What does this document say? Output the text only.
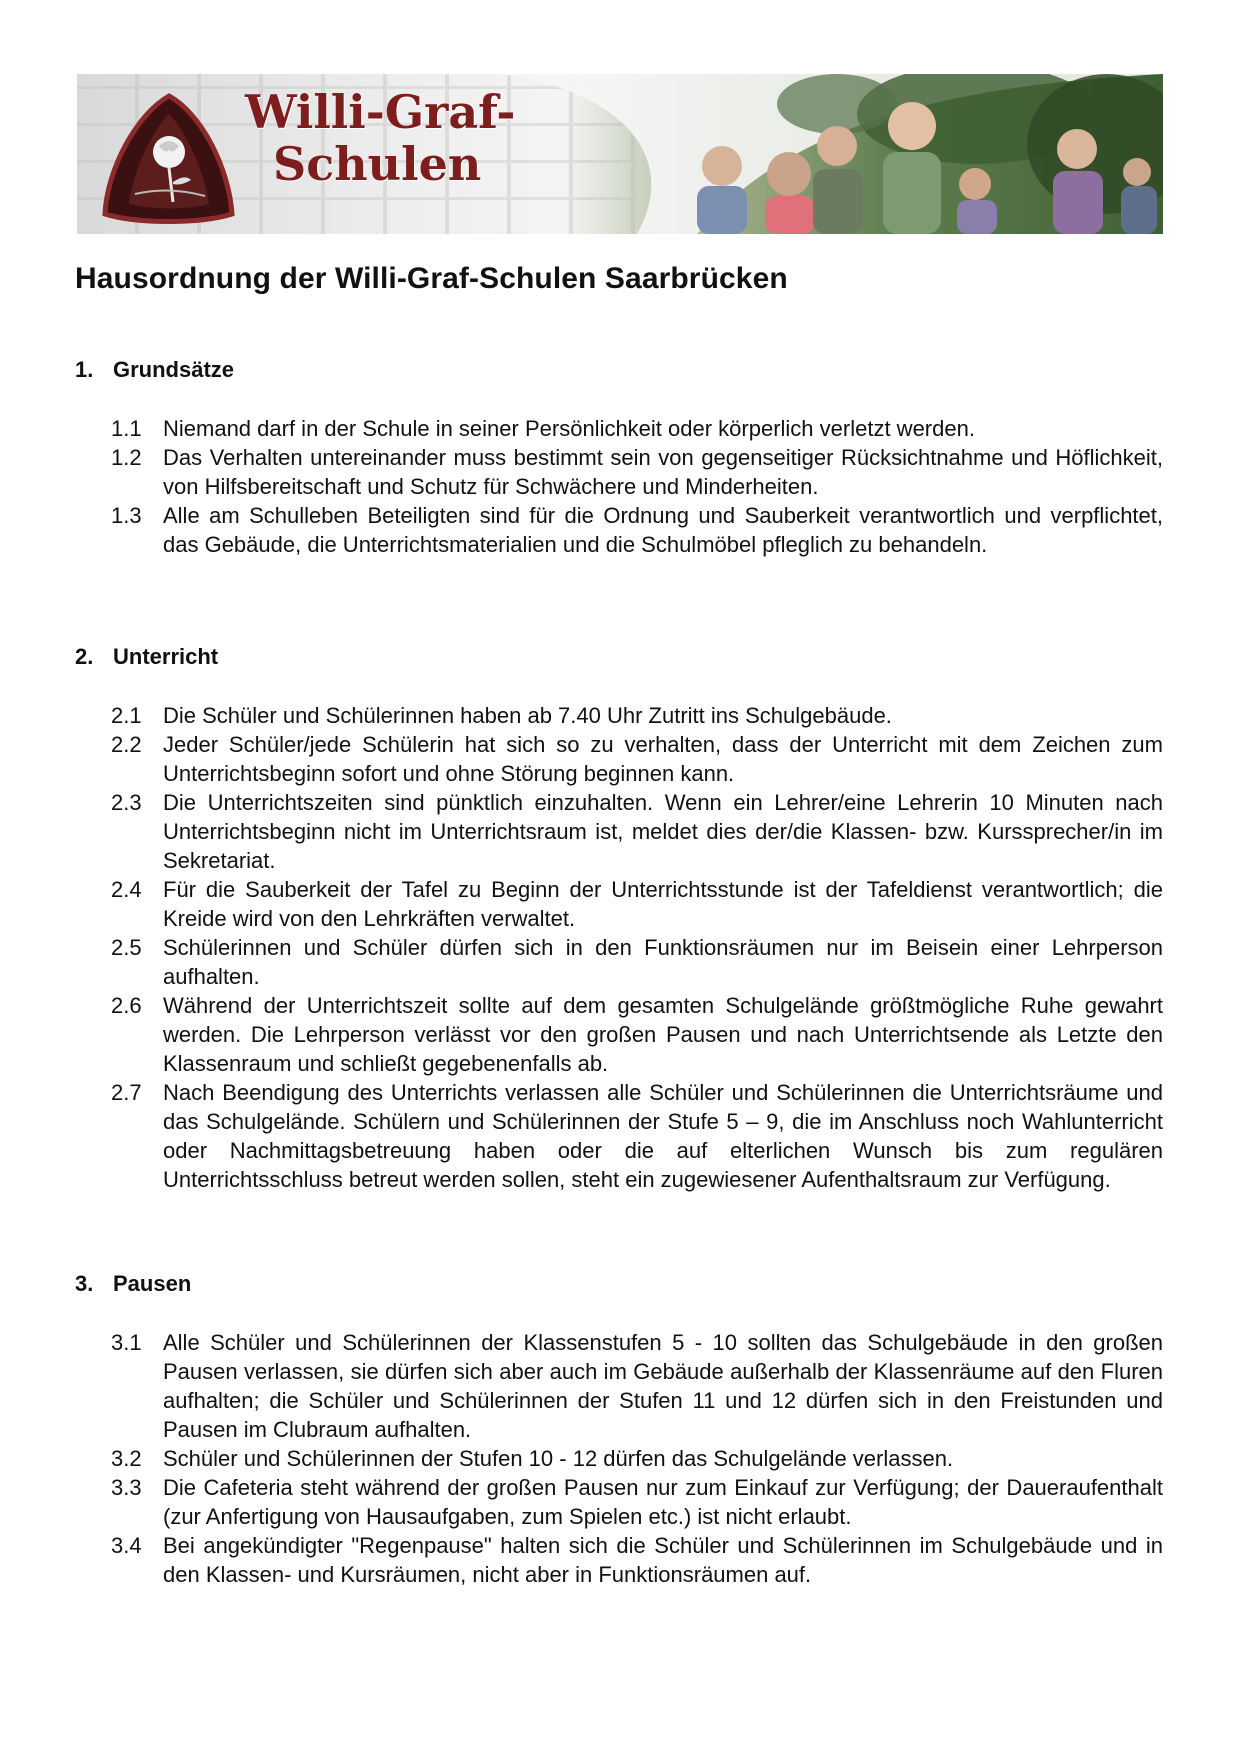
Willi-Graf-
Schulen
Hausordnung der Willi-Graf-Schulen Saarbrücken
1. Grundsätze
1.1 Niemand darf in der Schule in seiner Persönlichkeit oder körperlich verletzt werden.
1.2 Das Verhalten untereinander muss bestimmt sein von gegenseitiger Rücksichtnahme und Höflichkeit, von Hilfsbereitschaft und Schutz für Schwächere und Minderheiten.
1.3 Alle am Schulleben Beteiligten sind für die Ordnung und Sauberkeit verantwortlich und verpflichtet, das Gebäude, die Unterrichtsmaterialien und die Schulmöbel pfleglich zu behandeln.
2. Unterricht
2.1 Die Schüler und Schülerinnen haben ab 7.40 Uhr Zutritt ins Schulgebäude.
2.2 Jeder Schüler/jede Schülerin hat sich so zu verhalten, dass der Unterricht mit dem Zeichen zum Unterrichtsbeginn sofort und ohne Störung beginnen kann.
2.3 Die Unterrichtszeiten sind pünktlich einzuhalten. Wenn ein Lehrer/eine Lehrerin 10 Minuten nach Unterrichtsbeginn nicht im Unterrichtsraum ist, meldet dies der/die Klassen- bzw. Kurssprecher/in im Sekretariat.
2.4 Für die Sauberkeit der Tafel zu Beginn der Unterrichtsstunde ist der Tafeldienst verantwortlich; die Kreide wird von den Lehrkräften verwaltet.
2.5 Schülerinnen und Schüler dürfen sich in den Funktionsräumen nur im Beisein einer Lehrperson aufhalten.
2.6 Während der Unterrichtszeit sollte auf dem gesamten Schulgelände größtmögliche Ruhe gewahrt werden. Die Lehrperson verlässt vor den großen Pausen und nach Unterrichtsende als Letzte den Klassenraum und schließt gegebenenfalls ab.
2.7 Nach Beendigung des Unterrichts verlassen alle Schüler und Schülerinnen die Unterrichtsräume und das Schulgelände. Schülern und Schülerinnen der Stufe 5 – 9, die im Anschluss noch Wahlunterricht oder Nachmittagsbetreuung haben oder die auf elterlichen Wunsch bis zum regulären Unterrichtsschluss betreut werden sollen, steht ein zugewiesener Aufenthaltsraum zur Verfügung.
3. Pausen
3.1 Alle Schüler und Schülerinnen der Klassenstufen 5 - 10 sollten das Schulgebäude in den großen Pausen verlassen, sie dürfen sich aber auch im Gebäude außerhalb der Klassenräume auf den Fluren aufhalten; die Schüler und Schülerinnen der Stufen 11 und 12 dürfen sich in den Freistunden und Pausen im Clubraum aufhalten.
3.2 Schüler und Schülerinnen der Stufen 10 - 12 dürfen das Schulgelände verlassen.
3.3 Die Cafeteria steht während der großen Pausen nur zum Einkauf zur Verfügung; der Daueraufenthalt (zur Anfertigung von Hausaufgaben, zum Spielen etc.) ist nicht erlaubt.
3.4 Bei angekündigter "Regenpause" halten sich die Schüler und Schülerinnen im Schulgebäude und in den Klassen- und Kursräumen, nicht aber in Funktionsräumen auf.
